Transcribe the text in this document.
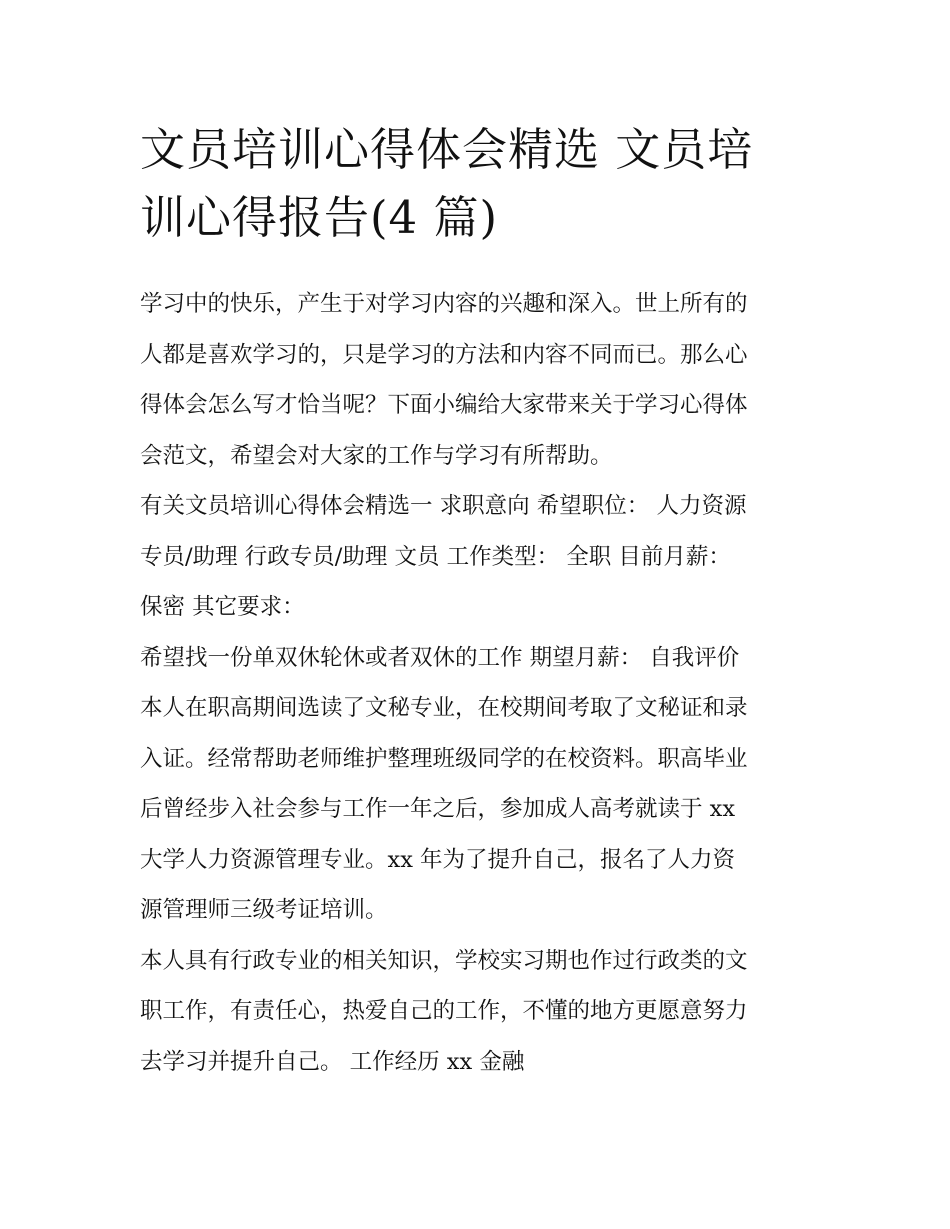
文员培训心得体会精选 文员培
训心得报告(4 篇)
学习中的快乐，产生于对学习内容的兴趣和深入。世上所有的
人都是喜欢学习的，只是学习的方法和内容不同而已。那么心
得体会怎么写才恰当呢？下面小编给大家带来关于学习心得体
会范文，希望会对大家的工作与学习有所帮助。
有关文员培训心得体会精选一 求职意向 希望职位： 人力资源
专员/助理 行政专员/助理 文员 工作类型： 全职 目前月薪：
保密 其它要求：
希望找一份单双休轮休或者双休的工作 期望月薪： 自我评价
本人在职高期间选读了文秘专业，在校期间考取了文秘证和录
入证。经常帮助老师维护整理班级同学的在校资料。职高毕业
后曾经步入社会参与工作一年之后，参加成人高考就读于 xx
大学人力资源管理专业。xx 年为了提升自己，报名了人力资
源管理师三级考证培训。
本人具有行政专业的相关知识，学校实习期也作过行政类的文
职工作，有责任心，热爱自己的工作，不懂的地方更愿意努力
去学习并提升自己。 工作经历 xx 金融
